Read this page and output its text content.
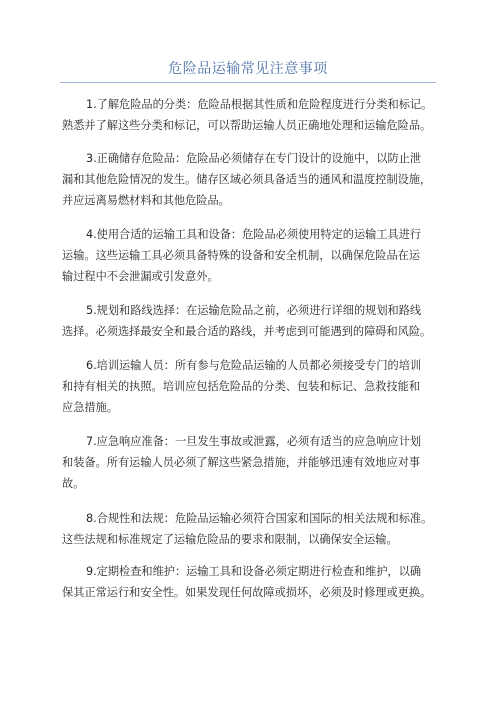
危险品运输常见注意事项
1.了解危险品的分类：危险品根据其性质和危险程度进行分类和标记。
熟悉并了解这些分类和标记，可以帮助运输人员正确地处理和运输危险品。
3.正确储存危险品：危险品必须储存在专门设计的设施中，以防止泄
漏和其他危险情况的发生。储存区域必须具备适当的通风和温度控制设施，
并应远离易燃材料和其他危险品。
4.使用合适的运输工具和设备：危险品必须使用特定的运输工具进行
运输。这些运输工具必须具备特殊的设备和安全机制，以确保危险品在运
输过程中不会泄漏或引发意外。
5.规划和路线选择：在运输危险品之前，必须进行详细的规划和路线
选择。必须选择最安全和最合适的路线，并考虑到可能遇到的障碍和风险。
6.培训运输人员：所有参与危险品运输的人员都必须接受专门的培训
和持有相关的执照。培训应包括危险品的分类、包装和标记、急救技能和
应急措施。
7.应急响应准备：一旦发生事故或泄露，必须有适当的应急响应计划
和装备。所有运输人员必须了解这些紧急措施，并能够迅速有效地应对事
故。
8.合规性和法规：危险品运输必须符合国家和国际的相关法规和标准。
这些法规和标准规定了运输危险品的要求和限制，以确保安全运输。
9.定期检查和维护：运输工具和设备必须定期进行检查和维护，以确
保其正常运行和安全性。如果发现任何故障或损坏，必须及时修理或更换。
